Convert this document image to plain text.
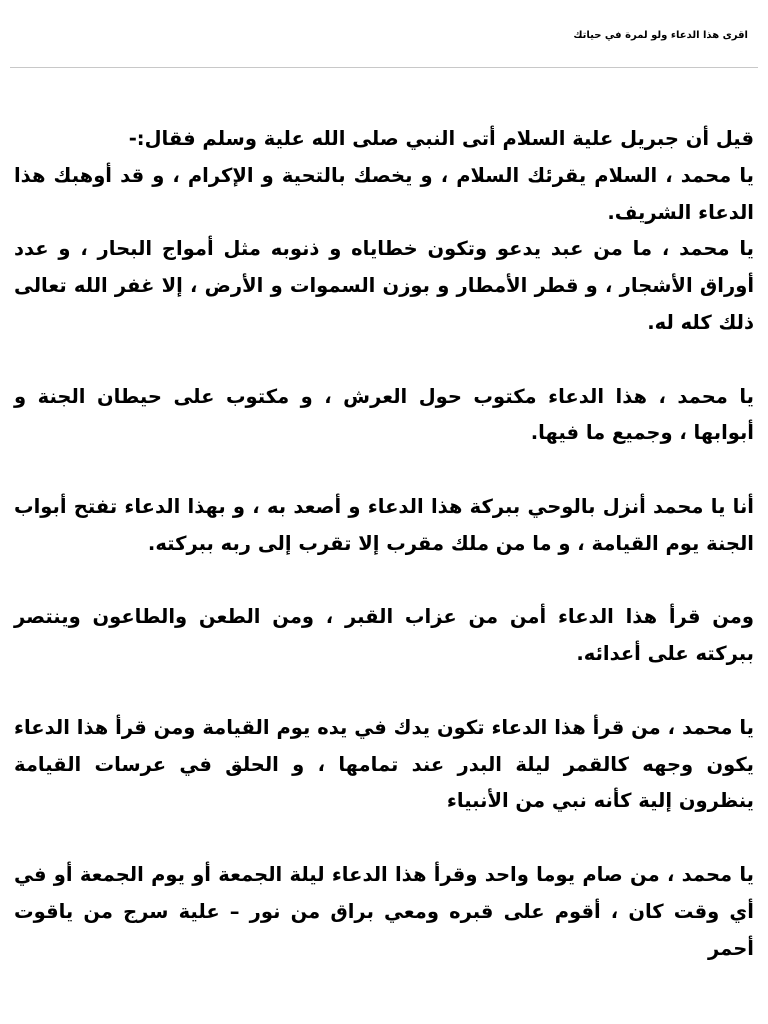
اقرى هذا الدعاء ولو لمرة في حياتك

قيل أن جبريل علية السلام أتى النبي صلى الله علية وسلم فقال:-

يا محمد ، السلام يقرئك السلام ، و يخصك بالتحية و الإكرام ، و قد أوهبك هذا الدعاء الشريف.

يا محمد ، ما من عبد يدعو وتكون خطاياه و ذنوبه مثل أمواج البحار ، و عدد أوراق الأشجار ، و قطر الأمطار و بوزن السموات و الأرض ، إلا غفر الله تعالى ذلك كله له.

يا محمد ، هذا الدعاء مكتوب حول العرش ، و مكتوب على حيطان الجنة و أبوابها ، وجميع ما فيها.

أنا يا محمد أنزل بالوحي ببركة هذا الدعاء و أصعد به ، و بهذا الدعاء تفتح أبواب الجنة يوم القيامة ، و ما من ملك مقرب إلا تقرب إلى ربه ببركته.

ومن قرأ هذا الدعاء أمن من عزاب القبر ، ومن الطعن والطاعون وينتصر ببركته على أعدائه.

يا محمد ، من قرأ هذا الدعاء تكون يدك في يده يوم القيامة ومن قرأ هذا الدعاء يكون وجهه كالقمر ليلة البدر عند تمامها ، و الحلق في عرسات القيامة ينظرون إلية كأنه نبي من الأنبياء

يا محمد ، من صام يوما واحد وقرأ هذا الدعاء ليلة الجمعة أو يوم الجمعة أو في أي وقت كان ، أقوم على قبره ومعي براق من نور – علية سرج من ياقوت أحمر
